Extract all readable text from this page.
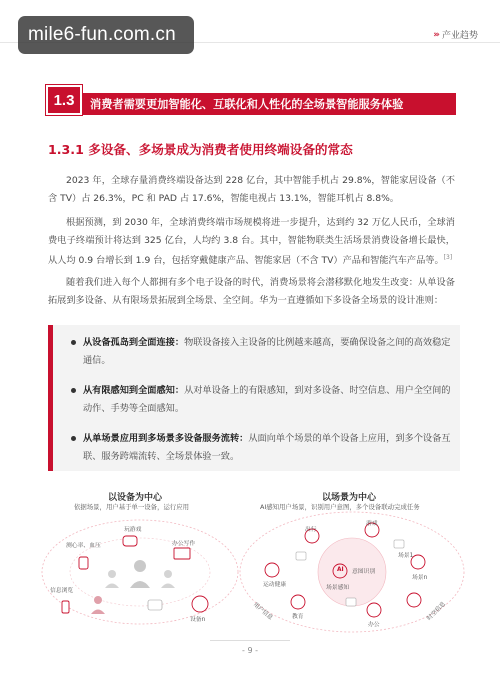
mile6-fun.com.cn	››› 产业趋势
1.3	消费者需要更加智能化、互联化和人性化的全场景智能服务体验
1.3.1 多设备、多场景成为消费者使用终端设备的常态

2023 年，全球存量消费终端设备达到 228 亿台，其中智能手机占 29.8%，智能家居设备（不含 TV）占 26.3%，PC 和 PAD 占 17.6%，智能电视占 13.1%，智能耳机占 8.8%。

根据预测，到 2030 年，全球消费终端市场规模将进一步提升，达到约 32 万亿人民币，全球消费电子终端预计将达到 325 亿台，人均约 3.8 台。其中，智能物联类生活场景消费设备增长最快，从人均 0.9 台增长到 1.9 台，包括穿戴健康产品、智能家居（不含 TV）产品和智能汽车产品等。[3]

随着我们进入每个人都拥有多个电子设备的时代，消费场景将会潜移默化地发生改变：从单设备拓展到多设备、从有限场景拓展到全场景、全空间。华为一直遵循如下多设备全场景的设计准则：

从设备孤岛到全面连接：物联设备接入主设备的比例越来越高，要确保设备之间的高效稳定通信。
从有限感知到全面感知：从对单设备上的有限感知，到对多设备、时空信息、用户全空间的动作、手势等全面感知。
从单场景应用到多场景多设备服务流转：从面向单个场景的单个设备上应用，到多个设备互联、服务跨端流转、全场景体验一致。
以设备为中心
依据场景，用户基于单一设备，运行应用
玩游戏
测心率、血压	办公写作
信息浏览
设备n
以场景为中心
AI感知用户场景，识别用户意图，多个设备联动完成任务
出行
游戏
运动健康
场景1
场景n
教育
办公
AI 意图识别
场景感知
用户信息	时空信息
- 9 -
